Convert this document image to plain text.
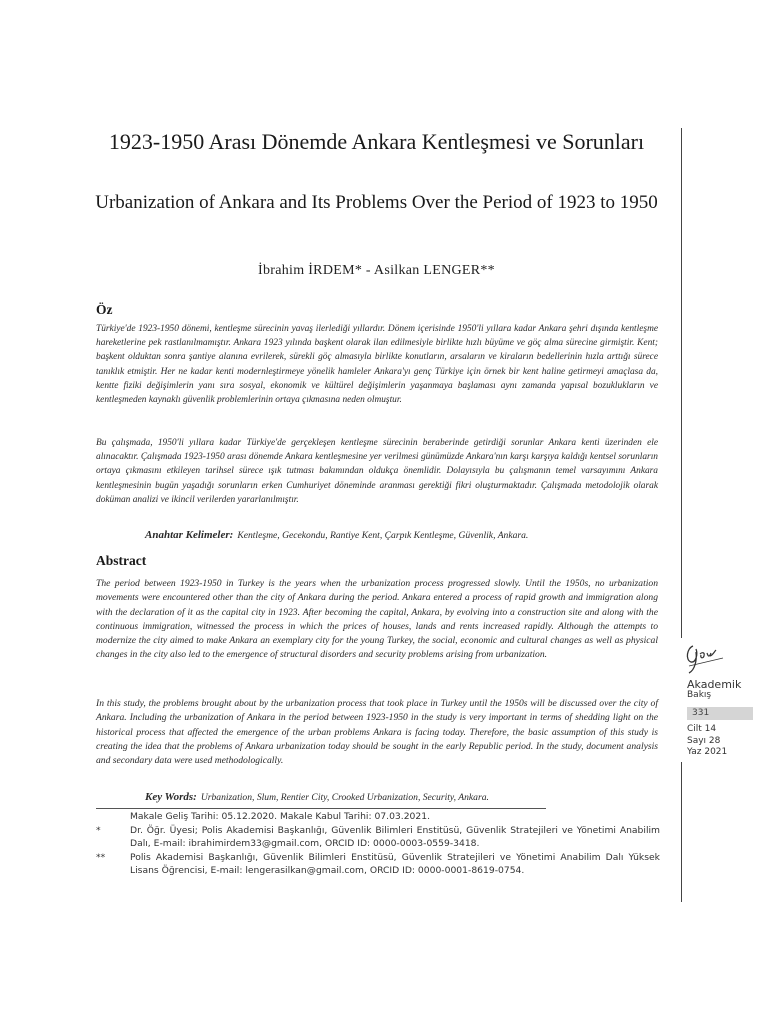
1923-1950 Arası Dönemde Ankara Kentleşmesi ve Sorunları
Urbanization of Ankara and Its Problems Over the Period of 1923 to 1950
İbrahim İRDEM* - Asilkan LENGER**
Öz
Türkiye'de 1923-1950 dönemi, kentleşme sürecinin yavaş ilerlediği yıllardır. Dönem içerisinde 1950'li yıllara kadar Ankara şehri dışında kentleşme hareketlerine pek rastlanılmamıştır. Ankara 1923 yılında başkent olarak ilan edilmesiyle birlikte hızlı büyüme ve göç alma sürecine girmiştir. Kent; başkent olduktan sonra şantiye alanına evrilerek, sürekli göç almasıyla birlikte konutların, arsaların ve kiraların bedellerinin hızla arttığı sürece tanıklık etmiştir. Her ne kadar kenti modernleştirmeye yönelik hamleler Ankara'yı genç Türkiye için örnek bir kent haline getirmeyi amaçlasa da, kentte fiziki değişimlerin yanı sıra sosyal, ekonomik ve kültürel değişimlerin yaşanmaya başlaması aynı zamanda yapısal bozuklukların ve kentleşmeden kaynaklı güvenlik problemlerinin ortaya çıkmasına neden olmuştur.
Bu çalışmada, 1950'li yıllara kadar Türkiye'de gerçekleşen kentleşme sürecinin beraberinde getirdiği sorunlar Ankara kenti üzerinden ele alınacaktır. Çalışmada 1923-1950 arası dönemde Ankara kentleşmesine yer verilmesi günümüzde Ankara'nın karşı karşıya kaldığı kentsel sorunların ortaya çıkmasını etkileyen tarihsel sürece ışık tutması bakımından oldukça önemlidir. Dolayısıyla bu çalışmanın temel varsayımını Ankara kentleşmesinin bugün yaşadığı sorunların erken Cumhuriyet döneminde aranması gerektiği fikri oluşturmaktadır. Çalışmada metodolojik olarak doküman analizi ve ikincil verilerden yararlanılmıştır.
Anahtar Kelimeler: Kentleşme, Gecekondu, Rantiye Kent, Çarpık Kentleşme, Güvenlik, Ankara.
Abstract
The period between 1923-1950 in Turkey is the years when the urbanization process progressed slowly. Until the 1950s, no urbanization movements were encountered other than the city of Ankara during the period. Ankara entered a process of rapid growth and immigration along with the declaration of it as the capital city in 1923. After becoming the capital, Ankara, by evolving into a construction site and along with the continuous immigration, witnessed the process in which the prices of houses, lands and rents increased rapidly. Although the attempts to modernize the city aimed to make Ankara an exemplary city for the young Turkey, the social, economic and cultural changes as well as physical changes in the city also led to the emergence of structural disorders and security problems arising from urbanization.
In this study, the problems brought about by the urbanization process that took place in Turkey until the 1950s will be discussed over the city of Ankara. Including the urbanization of Ankara in the period between 1923-1950 in the study is very important in terms of shedding light on the historical process that affected the emergence of the urban problems Ankara is facing today. Therefore, the basic assumption of this study is creating the idea that the problems of Ankara urbanization today should be sought in the early Republic period. In the study, document analysis and secondary data were used methodologically.
Key Words: Urbanization, Slum, Rentier City, Crooked Urbanization, Security, Ankara.
Makale Geliş Tarihi: 05.12.2020. Makale Kabul Tarihi: 07.03.2021.
*	Dr. Öğr. Üyesi; Polis Akademisi Başkanlığı, Güvenlik Bilimleri Enstitüsü, Güvenlik Stratejileri ve Yönetimi Anabilim Dalı, E-mail: ibrahimirdem33@gmail.com, ORCID ID: 0000-0003-0559-3418.
**	Polis Akademisi Başkanlığı, Güvenlik Bilimleri Enstitüsü, Güvenlik Stratejileri ve Yönetimi Anabilim Dalı Yüksek Lisans Öğrencisi, E-mail: lengerasilkan@gmail.com, ORCID ID: 0000-0001-8619-0754.
Akademik
Bakış
331
Cilt 14
Sayı 28
Yaz 2021
